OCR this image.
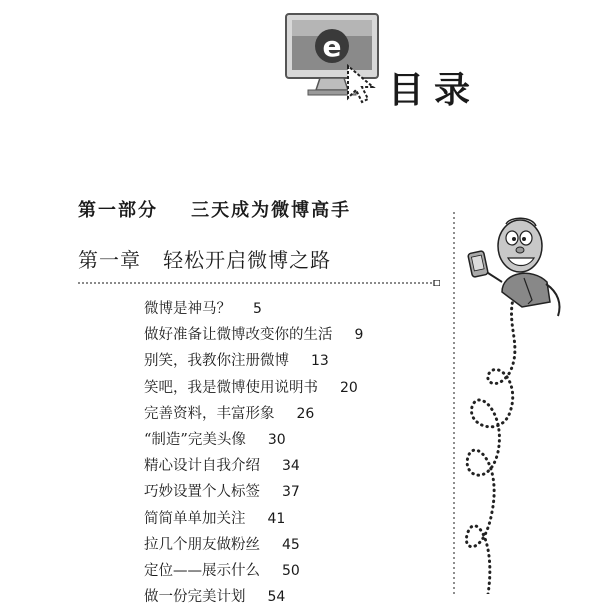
e
目录
第一部分 三天成为微博高手
第一章 轻松开启微博之路
微博是神马？ 5
做好准备让微博改变你的生活 9
别笑，我教你注册微博 13
笑吧，我是微博使用说明书 20
完善资料，丰富形象 26
“制造”完美头像 30
精心设计自我介绍 34
巧妙设置个人标签 37
简简单单加关注 41
拉几个朋友做粉丝 45
定位——展示什么 50
做一份完美计划 54
